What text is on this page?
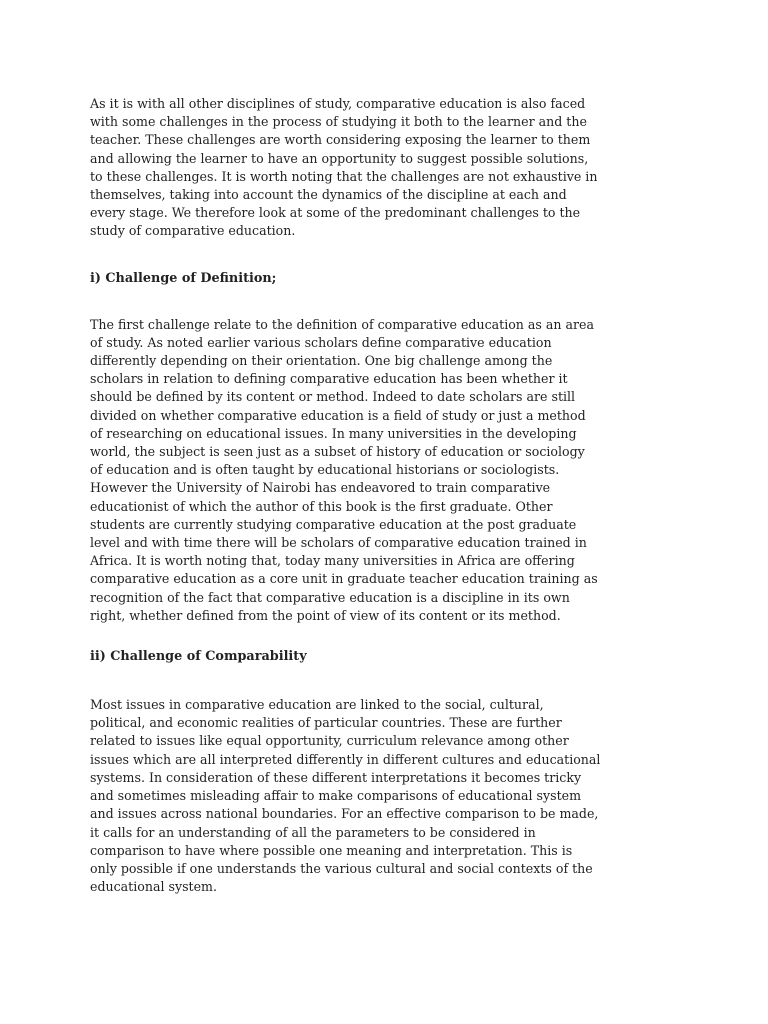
As it is with all other disciplines of study, comparative education is also faced
with some challenges in the process of studying it both to the learner and the
teacher. These challenges are worth considering exposing the learner to them
and allowing the learner to have an opportunity to suggest possible solutions,
to these challenges. It is worth noting that the challenges are not exhaustive in
themselves, taking into account the dynamics of the discipline at each and
every stage. We therefore look at some of the predominant challenges to the
study of comparative education.

i) Challenge of Definition;

The first challenge relate to the definition of comparative education as an area
of study. As noted earlier various scholars define comparative education
differently depending on their orientation. One big challenge among the
scholars in relation to defining comparative education has been whether it
should be defined by its content or method. Indeed to date scholars are still
divided on whether comparative education is a field of study or just a method
of researching on educational issues. In many universities in the developing
world, the subject is seen just as a subset of history of education or sociology
of education and is often taught by educational historians or sociologists.
However the University of Nairobi has endeavored to train comparative
educationist of which the author of this book is the first graduate. Other
students are currently studying comparative education at the post graduate
level and with time there will be scholars of comparative education trained in
Africa. It is worth noting that, today many universities in Africa are offering
comparative education as a core unit in graduate teacher education training as
recognition of the fact that comparative education is a discipline in its own
right, whether defined from the point of view of its content or its method.

ii) Challenge of Comparability

Most issues in comparative education are linked to the social, cultural,
political, and economic realities of particular countries. These are further
related to issues like equal opportunity, curriculum relevance among other
issues which are all interpreted differently in different cultures and educational
systems. In consideration of these different interpretations it becomes tricky
and sometimes misleading affair to make comparisons of educational system
and issues across national boundaries. For an effective comparison to be made,
it calls for an understanding of all the parameters to be considered in
comparison to have where possible one meaning and interpretation. This is
only possible if one understands the various cultural and social contexts of the
educational system.
